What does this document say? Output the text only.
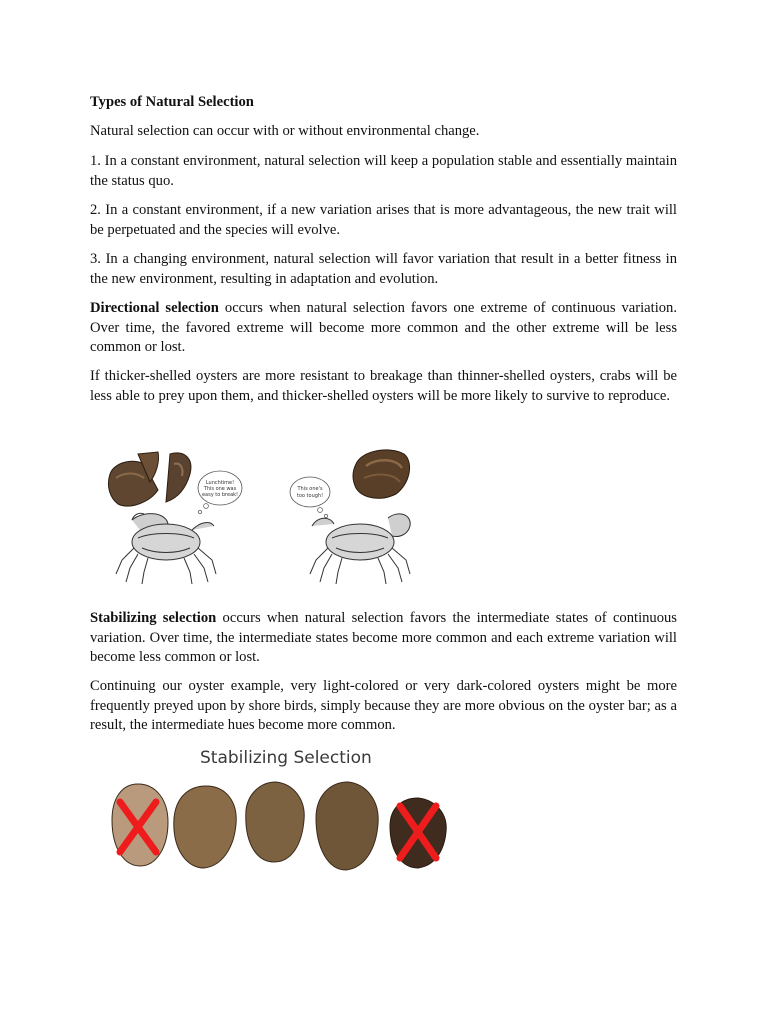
Types of Natural Selection

Natural selection can occur with or without environmental change.

1. In a constant environment, natural selection will keep a population stable and essentially maintain the status quo.

2. In a constant environment, if a new variation arises that is more advantageous, the new trait will be perpetuated and the species will evolve.

3. In a changing environment, natural selection will favor variation that result in a better fitness in the new environment, resulting in adaptation and evolution.

Directional selection occurs when natural selection favors one extreme of continuous variation. Over time, the favored extreme will become more common and the other extreme will be less common or lost.

If thicker-shelled oysters are more resistant to breakage than thinner-shelled oysters, crabs will be less able to prey upon them, and thicker-shelled oysters will be more likely to survive to reproduce.

Lunchtime!
This one was
easy to break!
This one's
too tough!

Stabilizing selection occurs when natural selection favors the intermediate states of continuous variation. Over time, the intermediate states become more common and each extreme variation will become less common or lost.

Continuing our oyster example, very light-colored or very dark-colored oysters might be more frequently preyed upon by shore birds, simply because they are more obvious on the oyster bar; as a result, the intermediate hues become more common.

Stabilizing Selection
